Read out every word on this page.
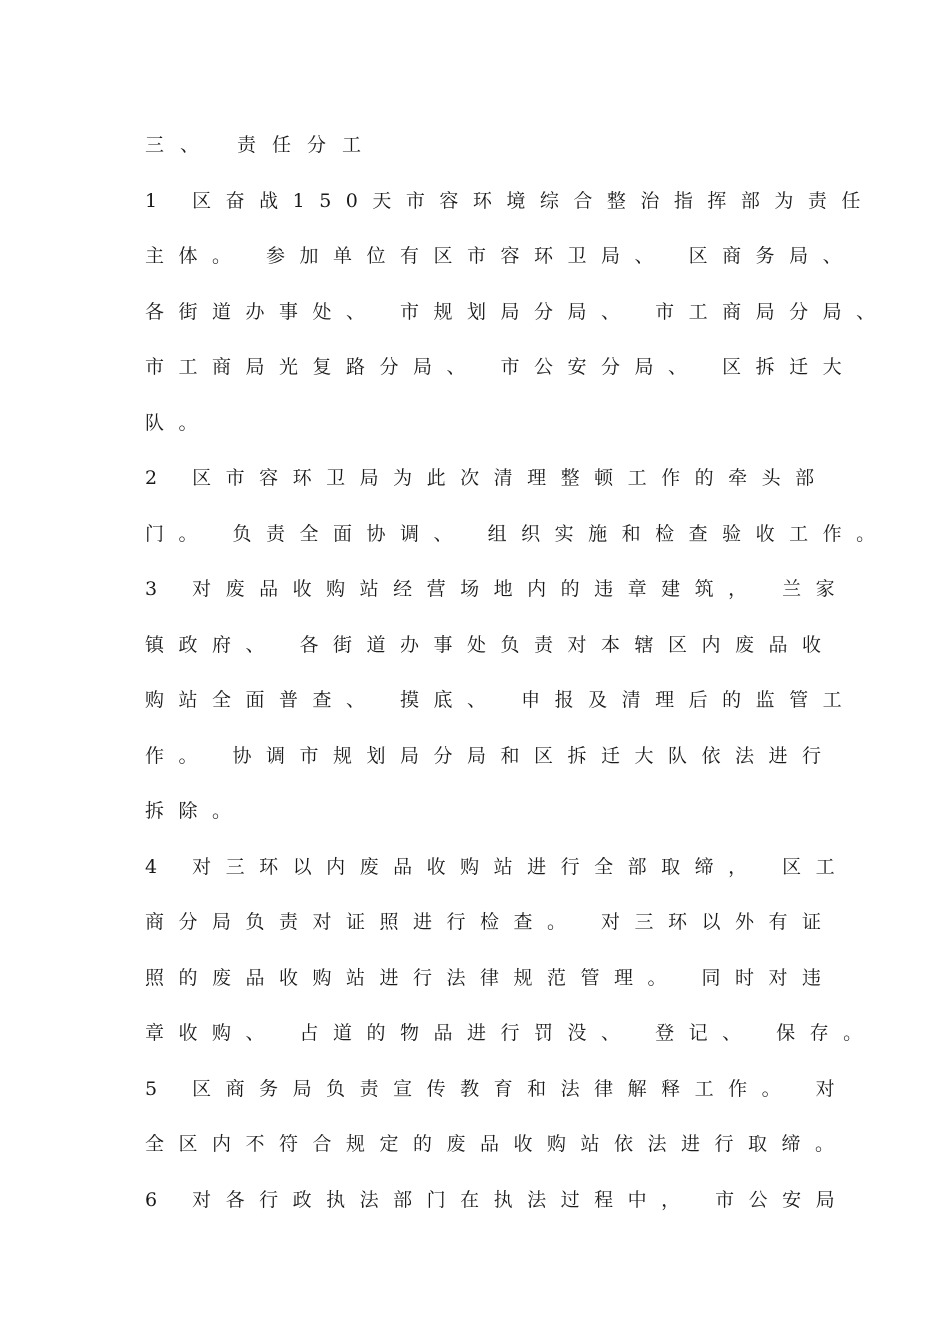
三、 责任分工
1 区奋战150天市容环境综合整治指挥部为责任
主体。 参加单位有区市容环卫局、 区商务局、
各街道办事处、 市规划局分局、 市工商局分局、
市工商局光复路分局、 市公安分局、 区拆迁大
队。
2 区市容环卫局为此次清理整顿工作的牵头部
门。 负责全面协调、 组织实施和检查验收工作。
3 对废品收购站经营场地内的违章建筑， 兰家
镇政府、 各街道办事处负责对本辖区内废品收
购站全面普查、 摸底、 申报及清理后的监管工
作。 协调市规划局分局和区拆迁大队依法进行
拆除。
4 对三环以内废品收购站进行全部取缔， 区工
商分局负责对证照进行检查。 对三环以外有证
照的废品收购站进行法律规范管理。 同时对违
章收购、 占道的物品进行罚没、 登记、 保存。
5 区商务局负责宣传教育和法律解释工作。 对
全区内不符合规定的废品收购站依法进行取缔。
6 对各行政执法部门在执法过程中， 市公安局
